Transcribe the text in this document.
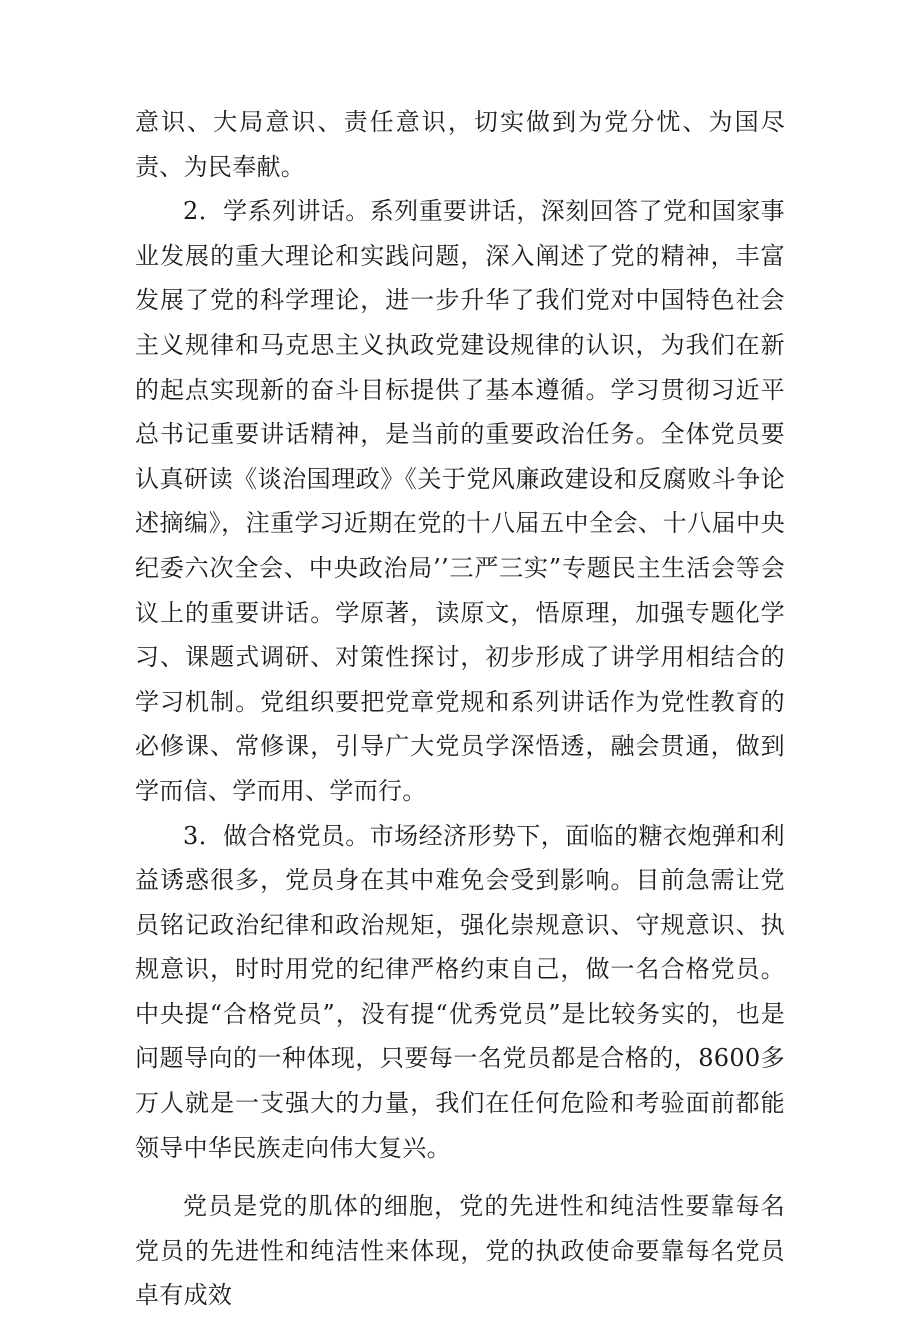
意识、大局意识、责任意识，切实做到为党分忧、为国尽责、为民奉献。

2．学系列讲话。系列重要讲话，深刻回答了党和国家事业发展的重大理论和实践问题，深入阐述了党的精神，丰富发展了党的科学理论，进一步升华了我们党对中国特色社会主义规律和马克思主义执政党建设规律的认识，为我们在新的起点实现新的奋斗目标提供了基本遵循。学习贯彻习近平总书记重要讲话精神，是当前的重要政治任务。全体党员要认真研读《谈治国理政》《关于党风廉政建设和反腐败斗争论述摘编》，注重学习近期在党的十八届五中全会、十八届中央纪委六次全会、中央政治局’’三严三实”专题民主生活会等会议上的重要讲话。学原著，读原文，悟原理，加强专题化学习、课题式调研、对策性探讨，初步形成了讲学用相结合的学习机制。党组织要把党章党规和系列讲话作为党性教育的必修课、常修课，引导广大党员学深悟透，融会贯通，做到学而信、学而用、学而行。

3．做合格党员。市场经济形势下，面临的糖衣炮弹和利益诱惑很多，党员身在其中难免会受到影响。目前急需让党员铭记政治纪律和政治规矩，强化崇规意识、守规意识、执规意识，时时用党的纪律严格约束自己，做一名合格党员。中央提“合格党员”，没有提“优秀党员”是比较务实的，也是问题导向的一种体现，只要每一名党员都是合格的，8600多万人就是一支强大的力量，我们在任何危险和考验面前都能领导中华民族走向伟大复兴。

党员是党的肌体的细胞，党的先进性和纯洁性要靠每名党员的先进性和纯洁性来体现，党的执政使命要靠每名党员卓有成效
